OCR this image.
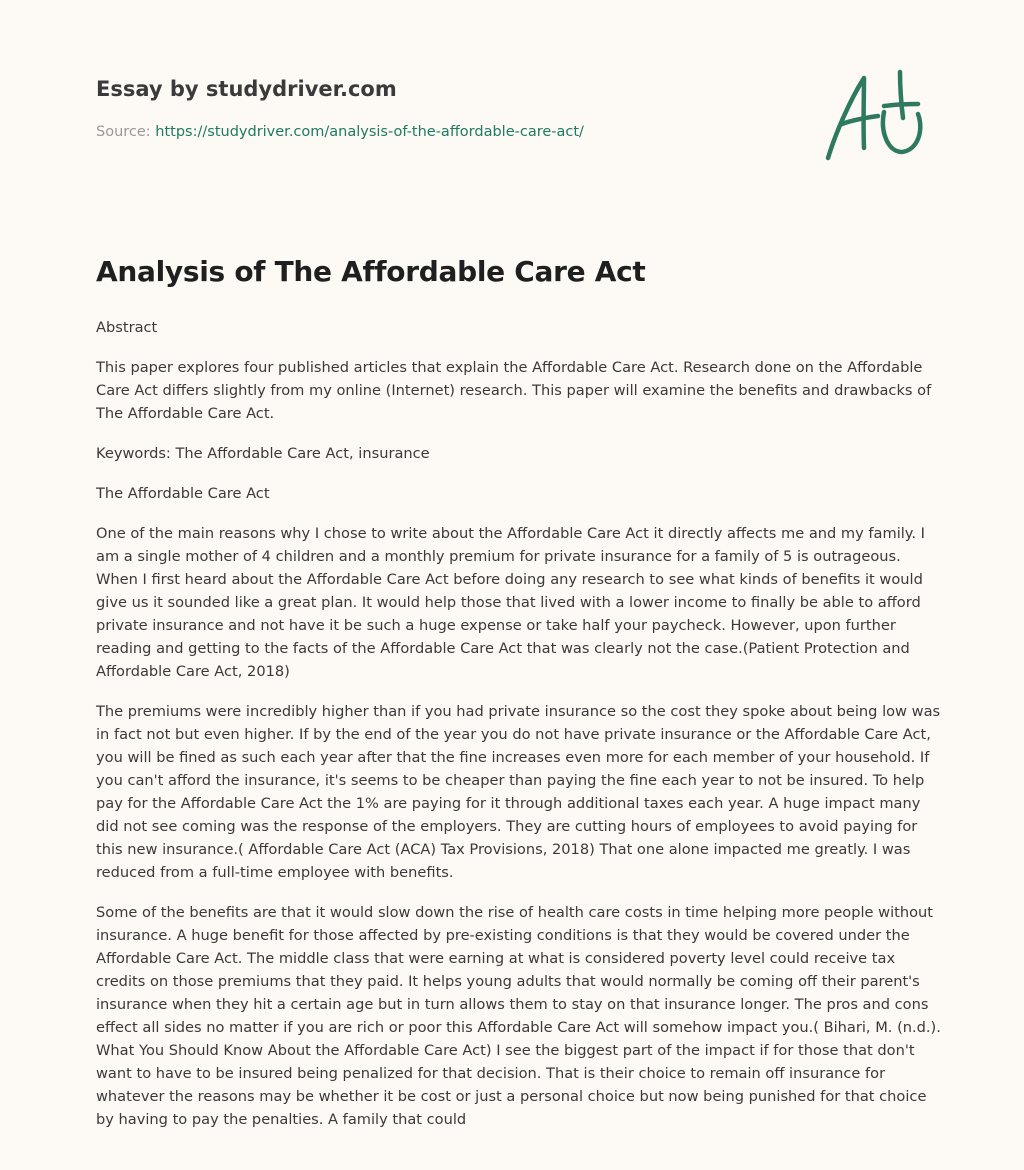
Essay by studydriver.com
Source: https://studydriver.com/analysis-of-the-affordable-care-act/
Analysis of The Affordable Care Act

Abstract

This paper explores four published articles that explain the Affordable Care Act. Research done on the Affordable Care Act differs slightly from my online (Internet) research. This paper will examine the benefits and drawbacks of The Affordable Care Act.

Keywords: The Affordable Care Act, insurance

The Affordable Care Act

One of the main reasons why I chose to write about the Affordable Care Act it directly affects me and my family. I am a single mother of 4 children and a monthly premium for private insurance for a family of 5 is outrageous. When I first heard about the Affordable Care Act before doing any research to see what kinds of benefits it would give us it sounded like a great plan. It would help those that lived with a lower income to finally be able to afford private insurance and not have it be such a huge expense or take half your paycheck. However, upon further reading and getting to the facts of the Affordable Care Act that was clearly not the case.(Patient Protection and Affordable Care Act, 2018)

The premiums were incredibly higher than if you had private insurance so the cost they spoke about being low was in fact not but even higher. If by the end of the year you do not have private insurance or the Affordable Care Act, you will be fined as such each year after that the fine increases even more for each member of your household. If you can't afford the insurance, it's seems to be cheaper than paying the fine each year to not be insured. To help pay for the Affordable Care Act the 1% are paying for it through additional taxes each year. A huge impact many did not see coming was the response of the employers. They are cutting hours of employees to avoid paying for this new insurance.( Affordable Care Act (ACA) Tax Provisions, 2018) That one alone impacted me greatly. I was reduced from a full-time employee with benefits.

Some of the benefits are that it would slow down the rise of health care costs in time helping more people without insurance. A huge benefit for those affected by pre-existing conditions is that they would be covered under the Affordable Care Act. The middle class that were earning at what is considered poverty level could receive tax credits on those premiums that they paid. It helps young adults that would normally be coming off their parent's insurance when they hit a certain age but in turn allows them to stay on that insurance longer. The pros and cons effect all sides no matter if you are rich or poor this Affordable Care Act will somehow impact you.( Bihari, M. (n.d.). What You Should Know About the Affordable Care Act) I see the biggest part of the impact if for those that don't want to have to be insured being penalized for that decision. That is their choice to remain off insurance for whatever the reasons may be whether it be cost or just a personal choice but now being punished for that choice by having to pay the penalties. A family that could
